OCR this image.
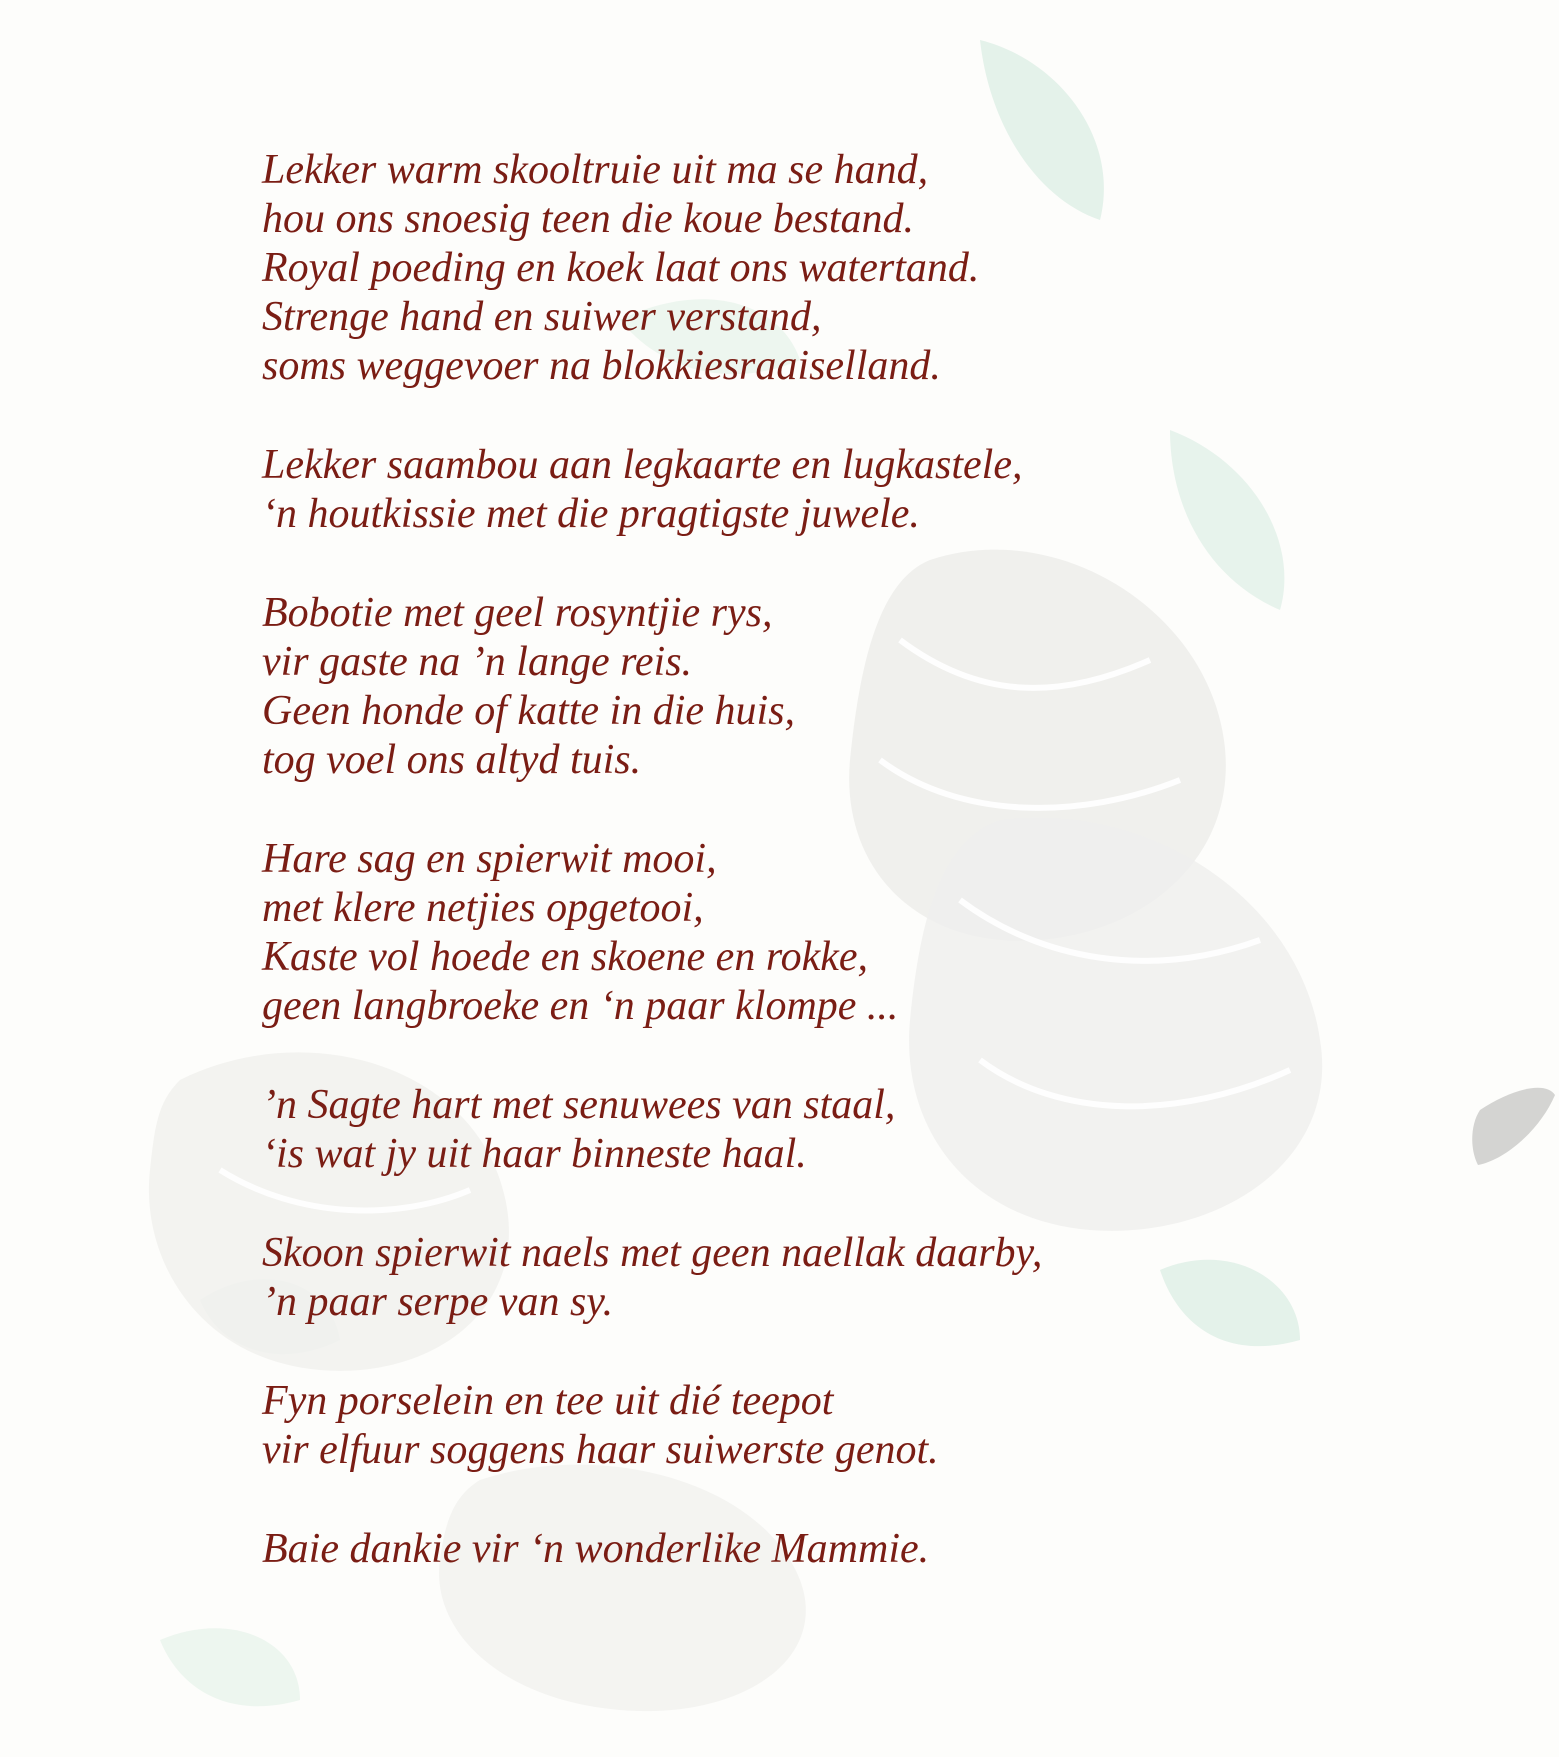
Lekker warm skooltruie uit ma se hand,
hou ons snoesig teen die koue bestand.
Royal poeding en koek laat ons watertand.
Strenge hand en suiwer verstand,
soms weggevoer na blokkiesraaiselland.
Lekker saambou aan legkaarte en lugkastele,
‘n houtkissie met die pragtigste juwele.
Bobotie met geel rosyntjie rys,
vir gaste na ’n lange reis.
Geen honde of katte in die huis,
tog voel ons altyd tuis.
Hare sag en spierwit mooi,
met klere netjies opgetooi,
Kaste vol hoede en skoene en rokke,
geen langbroeke en ‘n paar klompe ...
’n Sagte hart met senuwees van staal,
‘is wat jy uit haar binneste haal.
Skoon spierwit naels met geen naellak daarby,
’n paar serpe van sy.
Fyn porselein en tee uit dié teepot
vir elfuur soggens haar suiwerste genot.
Baie dankie vir ‘n wonderlike Mammie.
